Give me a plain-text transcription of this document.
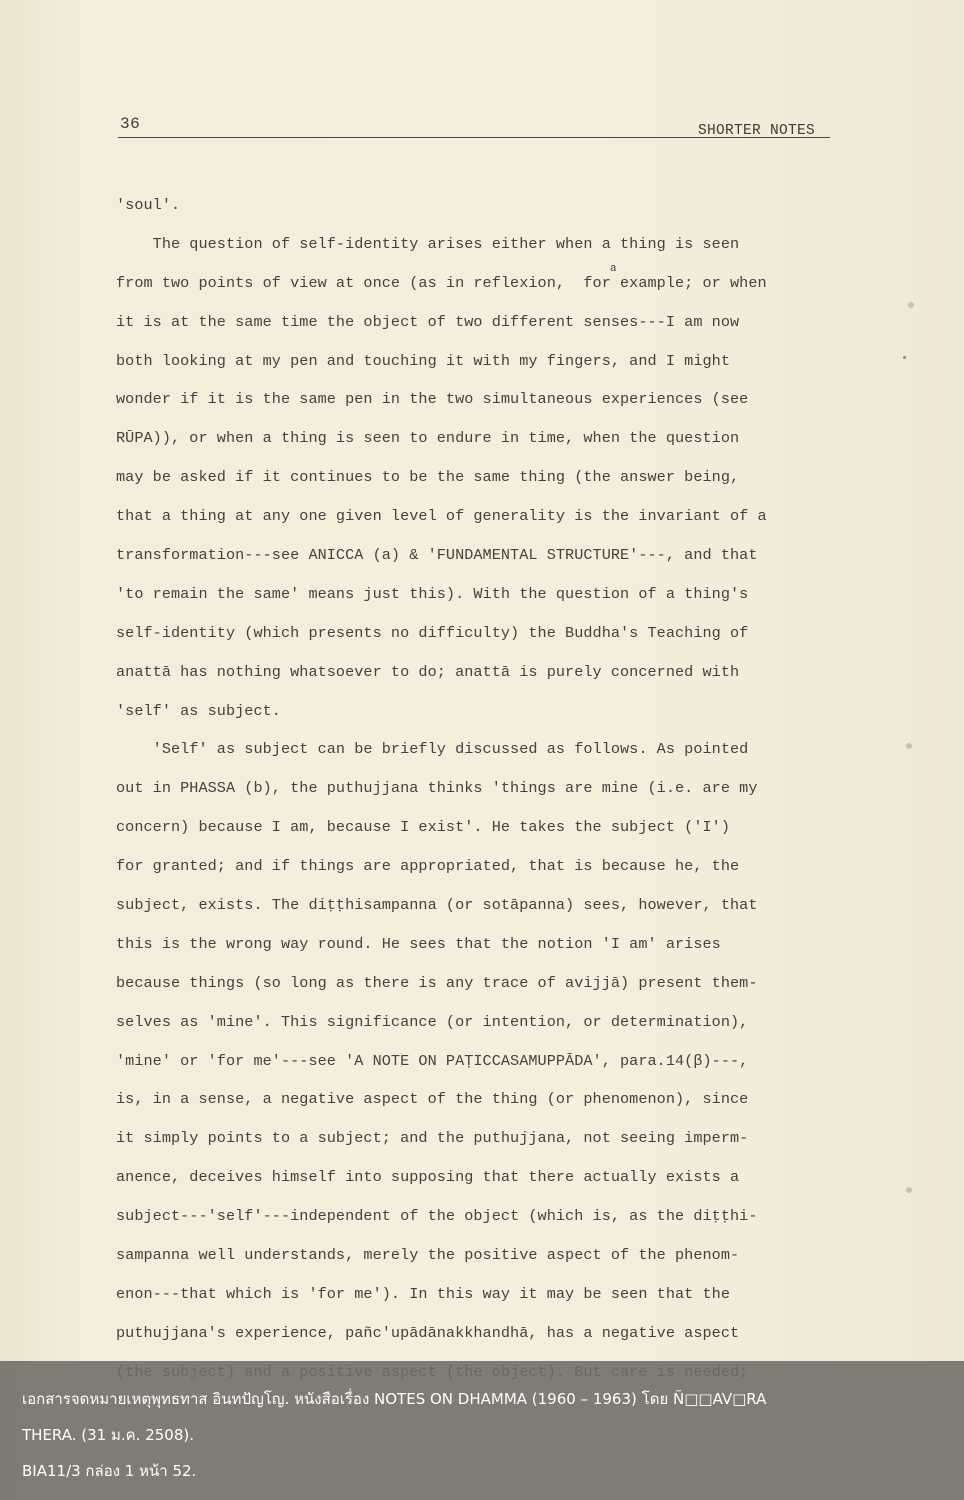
36	SHORTER NOTES
'soul'.
The question of self-identity arises either when a thing is seen
from two points of view at once (as in reflexion,  for example; or when
a
it is at the same time the object of two different senses---I am now
both looking at my pen and touching it with my fingers, and I might
wonder if it is the same pen in the two simultaneous experiences (see
RŪPA)), or when a thing is seen to endure in time, when the question
may be asked if it continues to be the same thing (the answer being,
that a thing at any one given level of generality is the invariant of a
transformation---see ANICCA (a) & 'FUNDAMENTAL STRUCTURE'---, and that
'to remain the same' means just this). With the question of a thing's
self-identity (which presents no difficulty) the Buddha's Teaching of
anattā has nothing whatsoever to do; anattā is purely concerned with
'self' as subject.
'Self' as subject can be briefly discussed as follows. As pointed
out in PHASSA (b), the puthujjana thinks 'things are mine (i.e. are my
concern) because I am, because I exist'. He takes the subject ('I')
for granted; and if things are appropriated, that is because he, the
subject, exists. The diṭṭhisampanna (or sotāpanna) sees, however, that
this is the wrong way round. He sees that the notion 'I am' arises
because things (so long as there is any trace of avijjā) present them-
selves as 'mine'. This significance (or intention, or determination),
'mine' or 'for me'---see 'A NOTE ON PAṬICCASAMUPPĀDA', para.14(β)---,
is, in a sense, a negative aspect of the thing (or phenomenon), since
it simply points to a subject; and the puthujjana, not seeing imperm-
anence, deceives himself into supposing that there actually exists a
subject---'self'---independent of the object (which is, as the diṭṭhi-
sampanna well understands, merely the positive aspect of the phenom-
enon---that which is 'for me'). In this way it may be seen that the
puthujjana's experience, pañc'upādānakkhandhā, has a negative aspect
เอกสารจดหมายเหตุพุทธทาส อินทปัญโญ. หนังสือเรื่อง NOTES ON DHAMMA (1960 – 1963) โดย Ñ□□AV□RA
THERA. (31 ม.ค. 2508).
BIA11/3 กล่อง 1 หน้า 52.
